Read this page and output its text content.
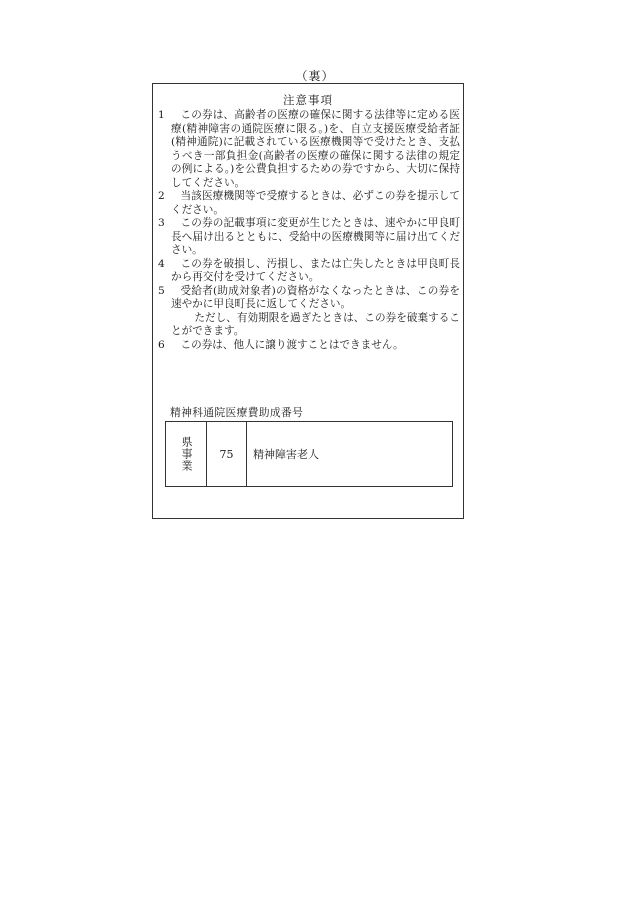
（裏）
注意事項
1	この券は、高齢者の医療の確保に関する法律等に定める医療(精神障害の通院医療に限る。)を、自立支援医療受給者証(精神通院)に記載されている医療機関等で受けたとき、支払うべき一部負担金(高齢者の医療の確保に関する法律の規定の例による。)を公費負担するための券ですから、大切に保持してください。
2	当該医療機関等で受療するときは、必ずこの券を提示してください。
3	この券の記載事項に変更が生じたときは、速やかに甲良町長へ届け出るとともに、受給中の医療機関等に届け出てください。
4	この券を破損し、汚損し、または亡失したときは甲良町長から再交付を受けてください。
5	受給者(助成対象者)の資格がなくなったときは、この券を速やかに甲良町長に返してください。
ただし、有効期限を過ぎたときは、この券を破棄することができます。
6	この券は、他人に譲り渡すことはできません。
精神科通院医療費助成番号
県事業	75	精神障害老人
